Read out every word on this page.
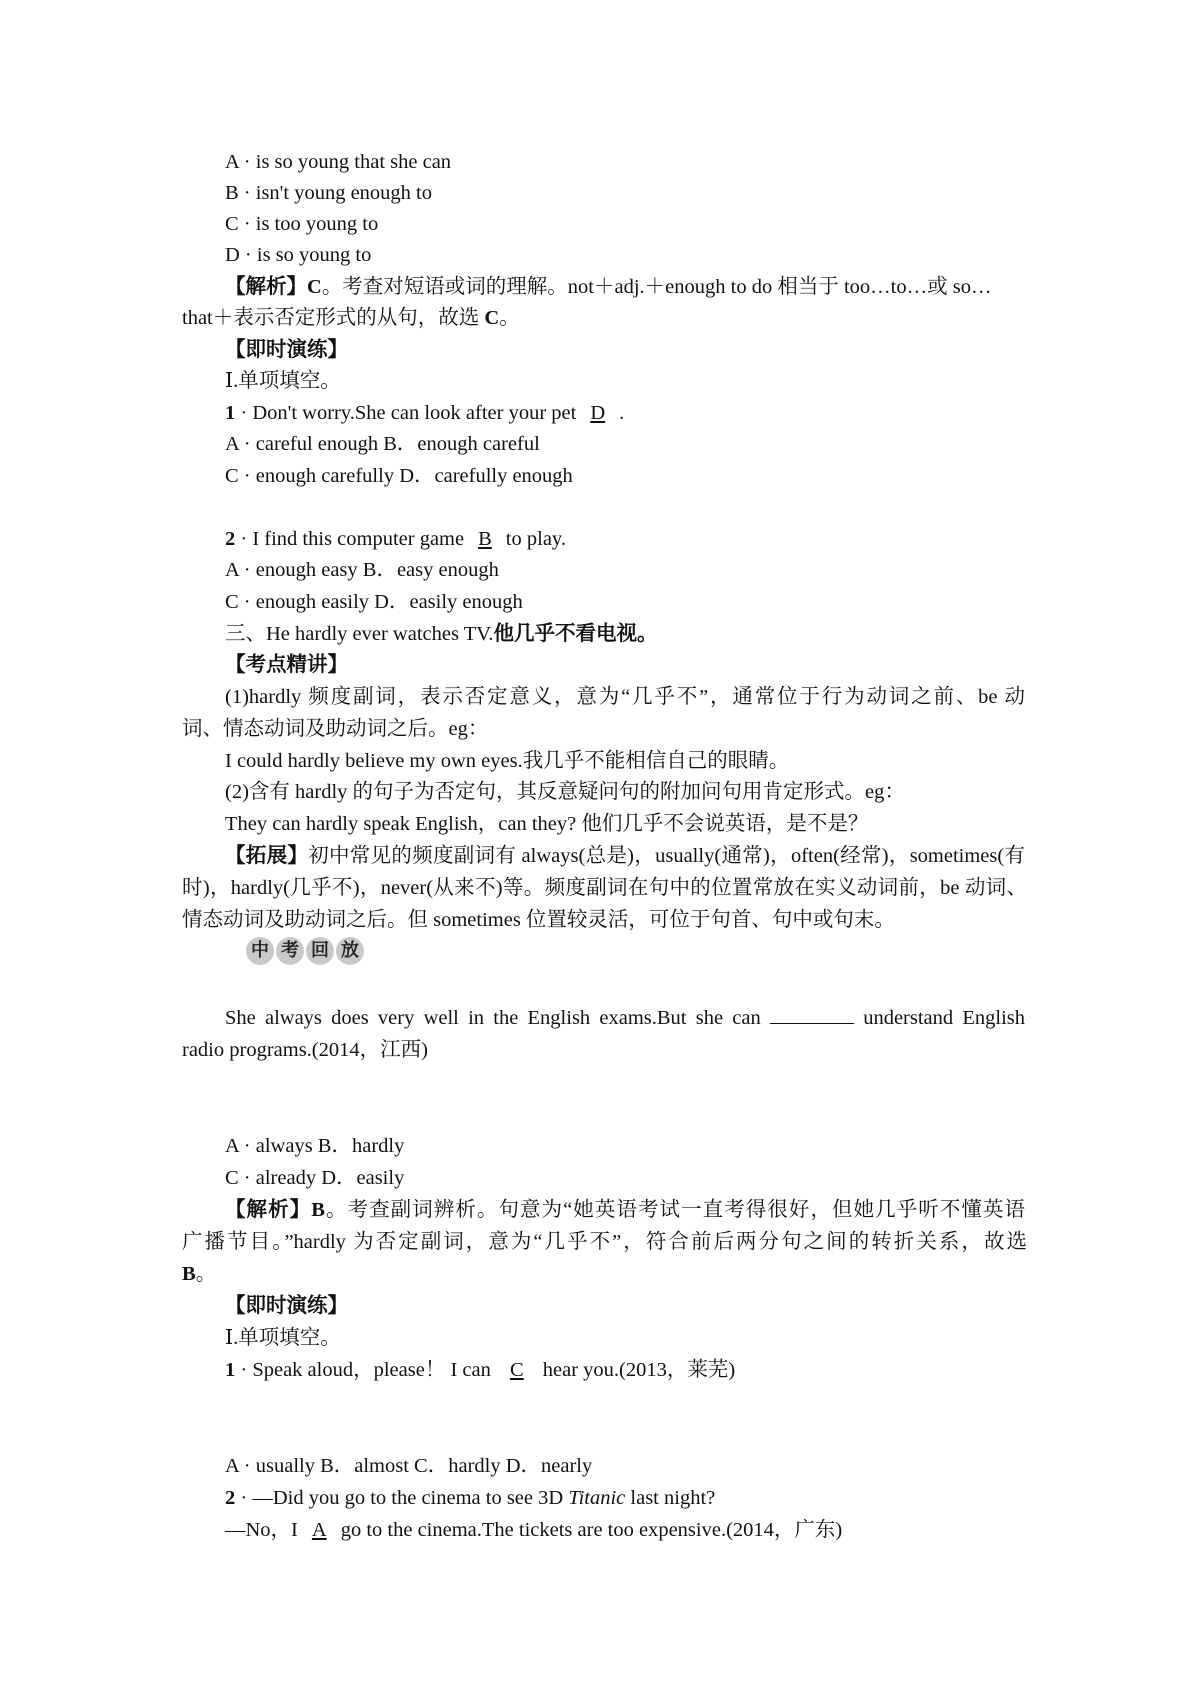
A · is so young that she can
B · isn't young enough to
C · is too young to
D · is so young to
【解析】C。考查对短语或词的理解。not＋adj.＋enough to do 相当于 too…to…或 so…
that＋表示否定形式的从句，故选 C。
【即时演练】
Ⅰ.单项填空。
1 · Don't worry.She can look after your pet D .
A · careful enough B．enough careful
C · enough carefully D．carefully enough
2 · I find this computer game B to play.
A · enough easy B．easy enough
C · enough easily D．easily enough
三、He hardly ever watches TV.他几乎不看电视。
【考点精讲】
(1)hardly 频度副词，表示否定意义，意为“几乎不”，通常位于行为动词之前、be 动
词、情态动词及助动词之后。eg：
I could hardly believe my own eyes.我几乎不能相信自己的眼睛。
(2)含有 hardly 的句子为否定句，其反意疑问句的附加问句用肯定形式。eg：
They can hardly speak English，can they? 他们几乎不会说英语，是不是？
【拓展】初中常见的频度副词有 always(总是)，usually(通常)，often(经常)，sometimes(有
时)，hardly(几乎不)，never(从来不)等。频度副词在句中的位置常放在实义动词前，be 动词、
情态动词及助动词之后。但 sometimes 位置较灵活，可位于句首、句中或句末。
中 考 回 放
She always does very well in the English exams.But she can	understand English
radio programs.(2014，江西)
A · always B．hardly
C · already D．easily
【解析】B。考查副词辨析。句意为“她英语考试一直考得很好，但她几乎听不懂英语
广播节目。”hardly 为否定副词，意为“几乎不”，符合前后两分句之间的转折关系，故选
B。
【即时演练】
Ⅰ.单项填空。
1 · Speak aloud，please！ I can C hear you.(2013，莱芜)
A · usually B．almost C．hardly D．nearly
2 · —Did you go to the cinema to see 3D Titanic last night?
—No，I A go to the cinema.The tickets are too expensive.(2014，广东)
